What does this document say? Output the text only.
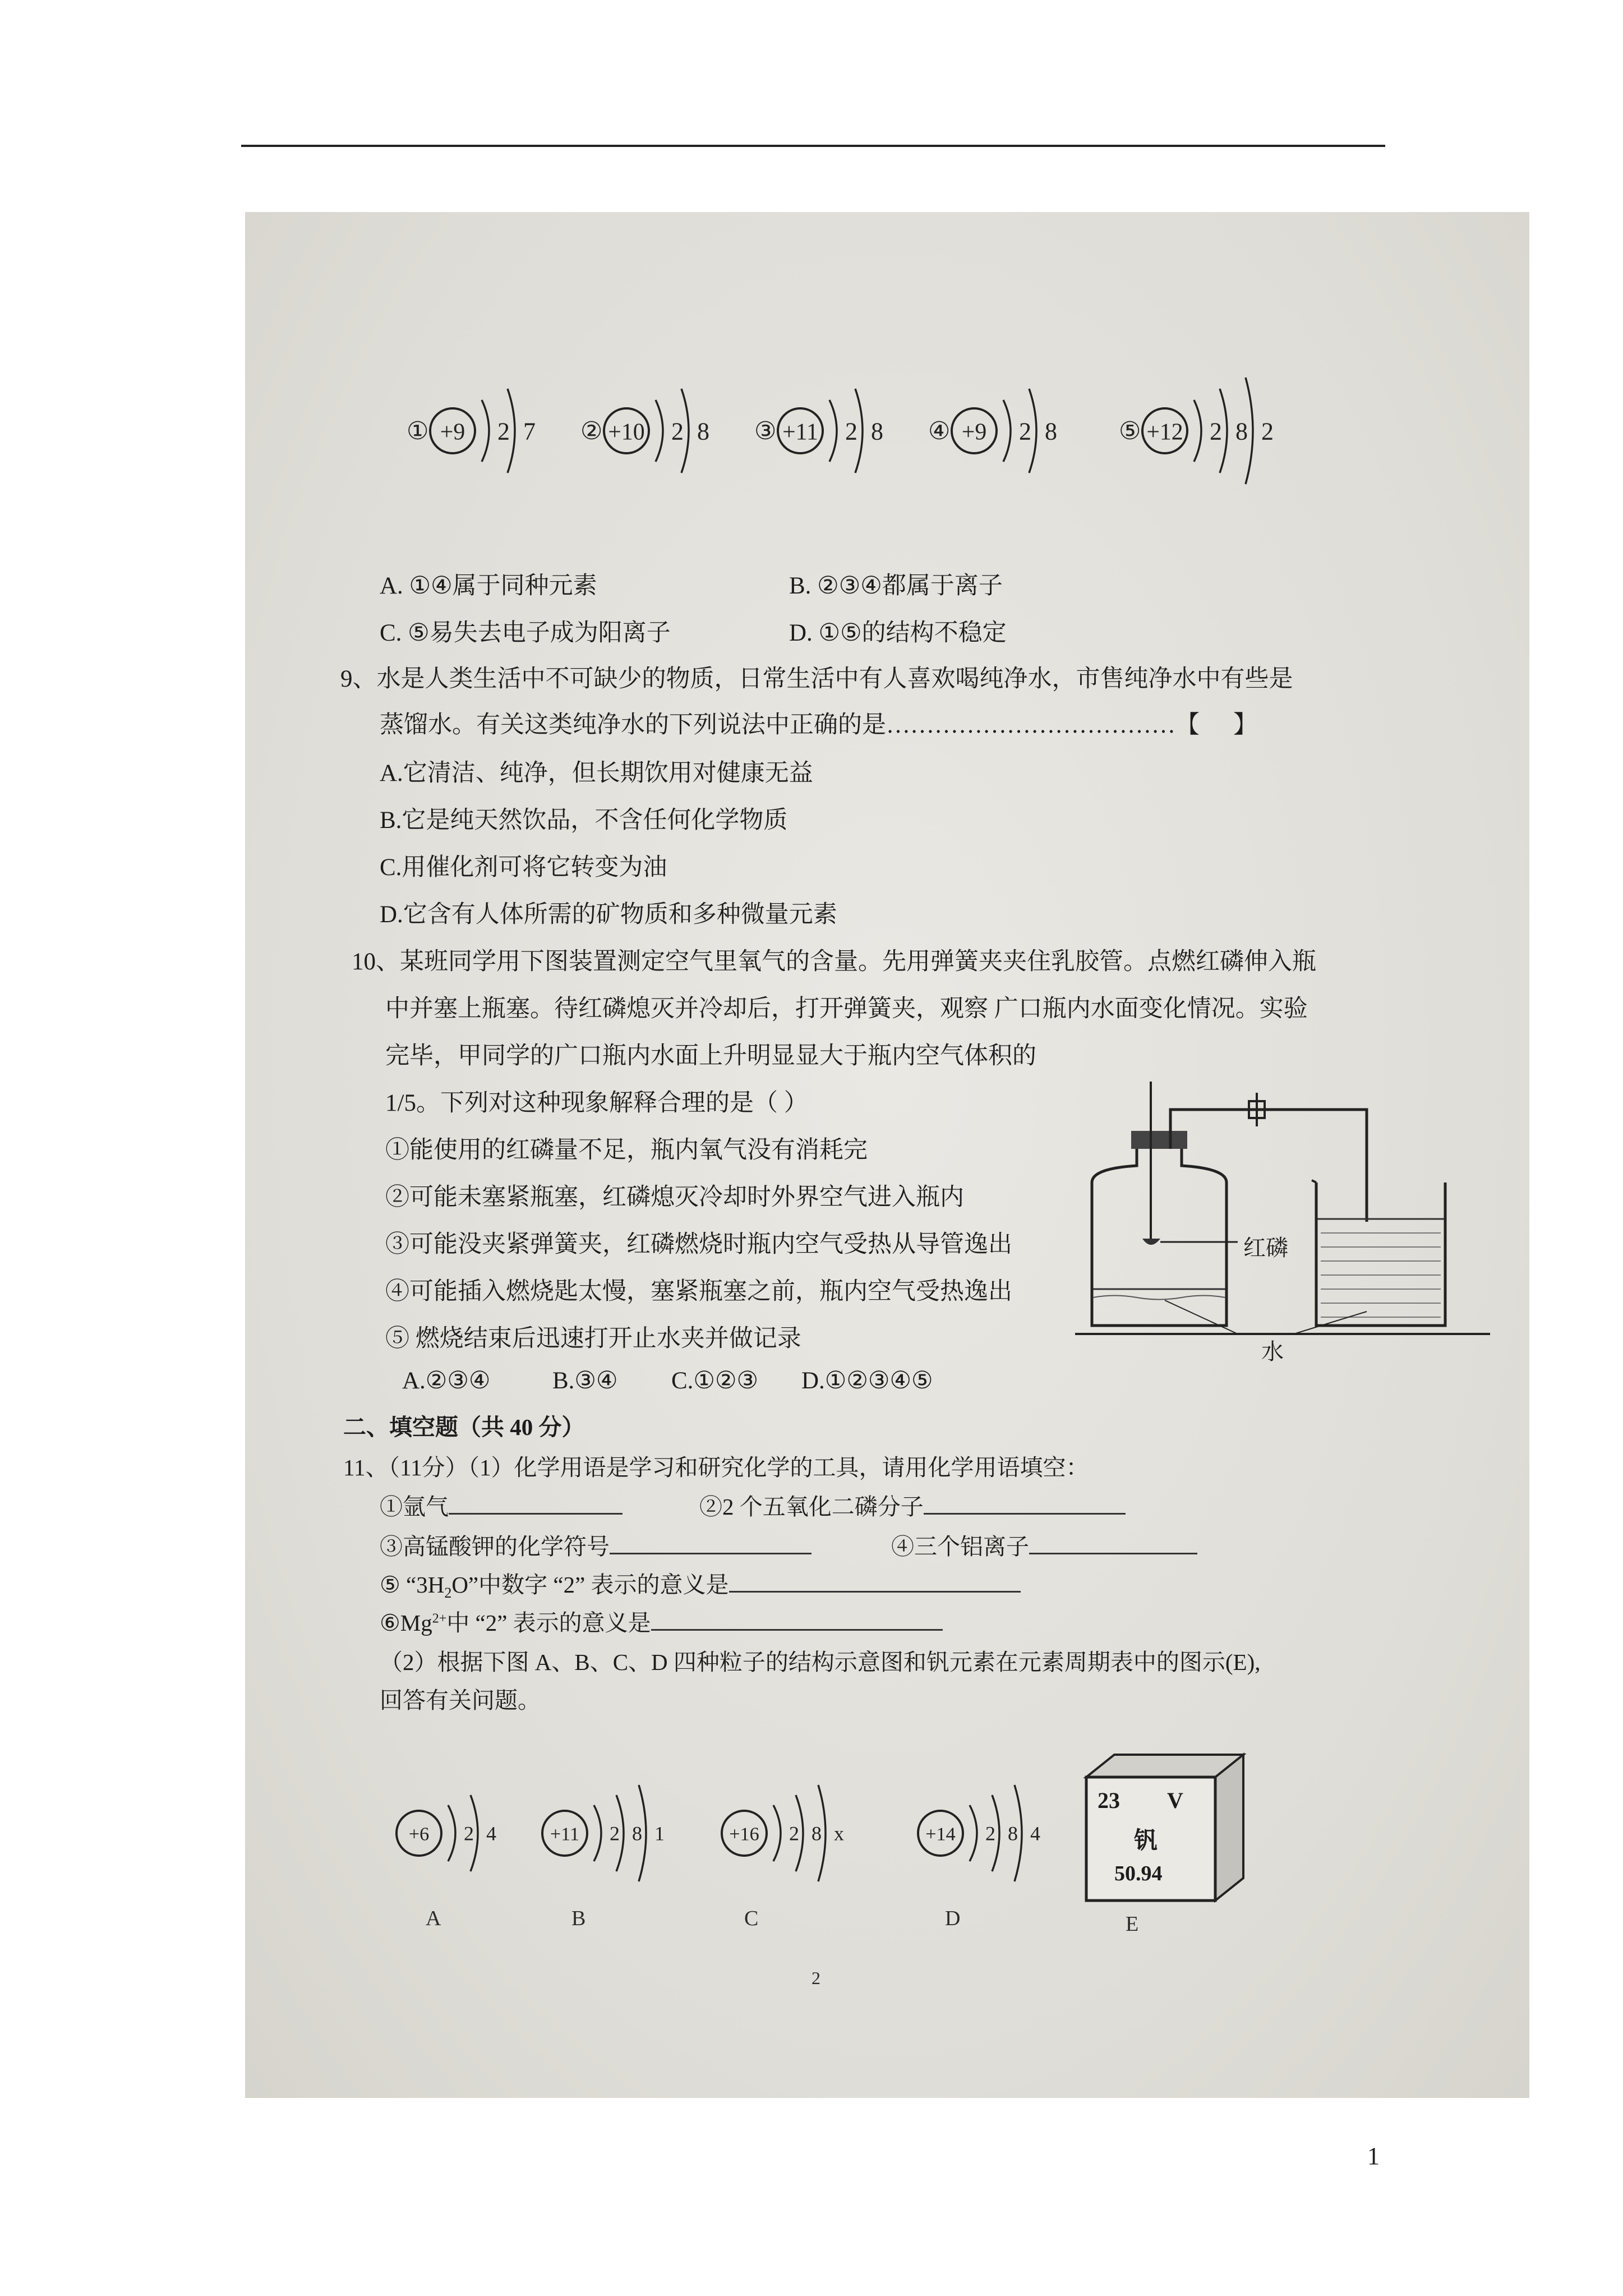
① +9 2 7 ② +10 2 8 ③ +11 2 8 ④ +9 2 8	⑤ +12 2 8 2
A. ①④属于同种元素	B. ②③④都属于离子
C. ⑤易失去电子成为阳离子	D. ①⑤的结构不稳定
9、水是人类生活中不可缺少的物质，日常生活中有人喜欢喝纯净水，市售纯净水中有些是
蒸馏水。有关这类纯净水的下列说法中正确的是………………………………【 】
A.它清洁、纯净，但长期饮用对健康无益
B.它是纯天然饮品，不含任何化学物质
C.用催化剂可将它转变为油
D.它含有人体所需的矿物质和多种微量元素
10、某班同学用下图装置测定空气里氧气的含量。先用弹簧夹夹住乳胶管。点燃红磷伸入瓶
中并塞上瓶塞。待红磷熄灭并冷却后，打开弹簧夹，观察 广口瓶内水面变化情况。实验
完毕，甲同学的广口瓶内水面上升明显显大于瓶内空气体积的
1/5。下列对这种现象解释合理的是（ ）
①能使用的红磷量不足，瓶内氧气没有消耗完
②可能未塞紧瓶塞，红磷熄灭冷却时外界空气进入瓶内
③可能没夹紧弹簧夹，红磷燃烧时瓶内空气受热从导管逸出
④可能插入燃烧匙太慢，塞紧瓶塞之前，瓶内空气受热逸出
⑤ 燃烧结束后迅速打开止水夹并做记录
A.②③④	B.③④ C.①②③ D.①②③④⑤
红磷
水
二、填空题（共 40 分）
11、（11分）（1）化学用语是学习和研究化学的工具，请用化学用语填空：
①氩气	②2 个五氧化二磷分子
③高锰酸钾的化学符号	④三个铝离子
⑤ “$3H_2O$”中数字 “2” 表示的意义是
$⑥Mg^{2+}$中 “2” 表示的意义是
（2）根据下图 A、B、C、D 四种粒子的结构示意图和钒元素在元素周期表中的图示(E),
回答有关问题。
+6 2 4	+11 2 8 1	+16 2 8 x	+14 2 8 4
A	B	C	D
23 V
钒
50.94
E
2
1
